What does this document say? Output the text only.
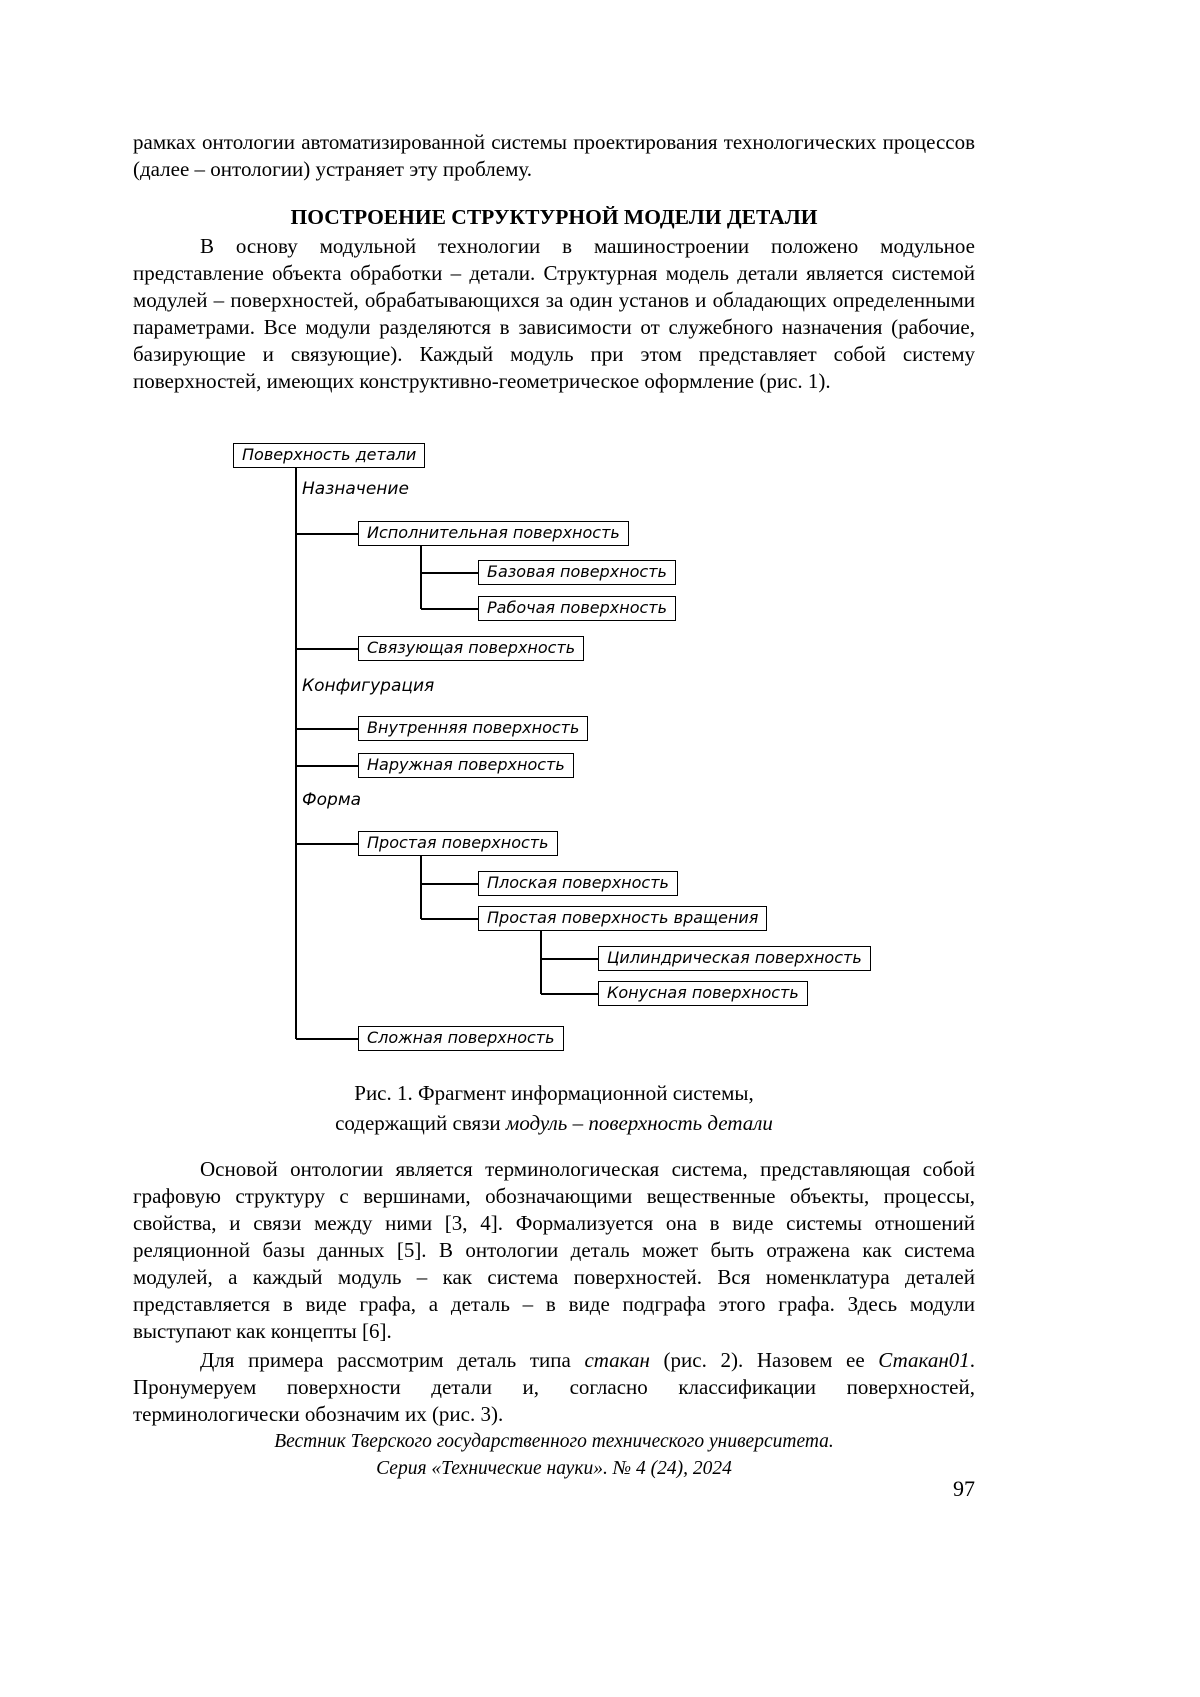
рамках онтологии автоматизированной системы проектирования технологических процессов (далее – онтологии) устраняет эту проблему.

ПОСТРОЕНИЕ СТРУКТУРНОЙ МОДЕЛИ ДЕТАЛИ

В основу модульной технологии в машиностроении положено модульное представление объекта обработки – детали. Структурная модель детали является системой модулей – поверхностей, обрабатывающихся за один установ и обладающих определенными параметрами. Все модули разделяются в зависимости от служебного назначения (рабочие, базирующие и связующие). Каждый модуль при этом представляет собой систему поверхностей, имеющих конструктивно-геометрическое оформление (рис. 1).

Поверхность детали
Назначение
Исполнительная поверхность
Базовая поверхность
Рабочая поверхность
Связующая поверхность
Конфигурация
Внутренняя поверхность
Наружная поверхность
Форма
Простая поверхность
Плоская поверхность
Простая поверхность вращения
Цилиндрическая поверхность
Конусная поверхность
Сложная поверхность
Рис. 1. Фрагмент информационной системы,
содержащий связи модуль – поверхность детали

Основой онтологии является терминологическая система, представляющая собой графовую структуру с вершинами, обозначающими вещественные объекты, процессы, свойства, и связи между ними [3, 4]. Формализуется она в виде системы отношений реляционной базы данных [5]. В онтологии деталь может быть отражена как система модулей, а каждый модуль – как система поверхностей. Вся номенклатура деталей представляется в виде графа, а деталь – в виде подграфа этого графа. Здесь модули выступают как концепты [6].

Для примера рассмотрим деталь типа стакан (рис. 2). Назовем ее Стакан01. Пронумеруем поверхности детали и, согласно классификации поверхностей, терминологически обозначим их (рис. 3).

Вестник Тверского государственного технического университета.
Серия «Технические науки». № 4 (24), 2024
97
